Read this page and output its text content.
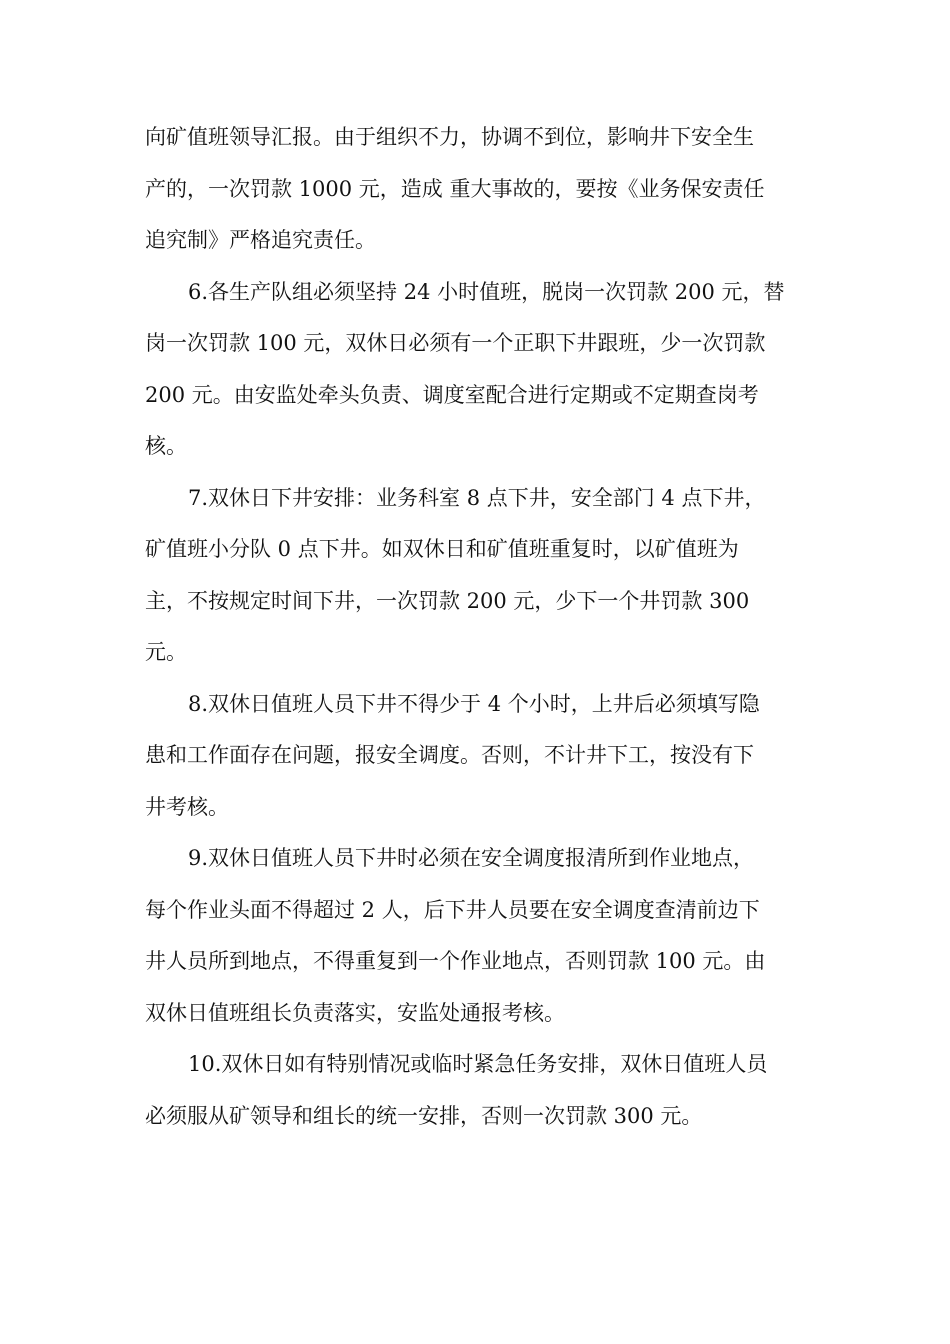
向矿值班领导汇报。由于组织不力，协调不到位，影响井下安全生
产的，一次罚款 1000 元，造成 重大事故的，要按《业务保安责任
追究制》严格追究责任。
6.各生产队组必须坚持 24 小时值班，脱岗一次罚款 200 元，替
岗一次罚款 100 元，双休日必须有一个正职下井跟班，少一次罚款
200 元。由安监处牵头负责、调度室配合进行定期或不定期查岗考
核。
7.双休日下井安排：业务科室 8 点下井，安全部门 4 点下井，
矿值班小分队 0 点下井。如双休日和矿值班重复时，以矿值班为
主，不按规定时间下井，一次罚款 200 元，少下一个井罚款 300
元。
8.双休日值班人员下井不得少于 4 个小时，上井后必须填写隐
患和工作面存在问题，报安全调度。否则，不计井下工，按没有下
井考核。
9.双休日值班人员下井时必须在安全调度报清所到作业地点，
每个作业头面不得超过 2 人，后下井人员要在安全调度查清前边下
井人员所到地点，不得重复到一个作业地点，否则罚款 100 元。由
双休日值班组长负责落实，安监处通报考核。
10.双休日如有特别情况或临时紧急任务安排，双休日值班人员
必须服从矿领导和组长的统一安排，否则一次罚款 300 元。
